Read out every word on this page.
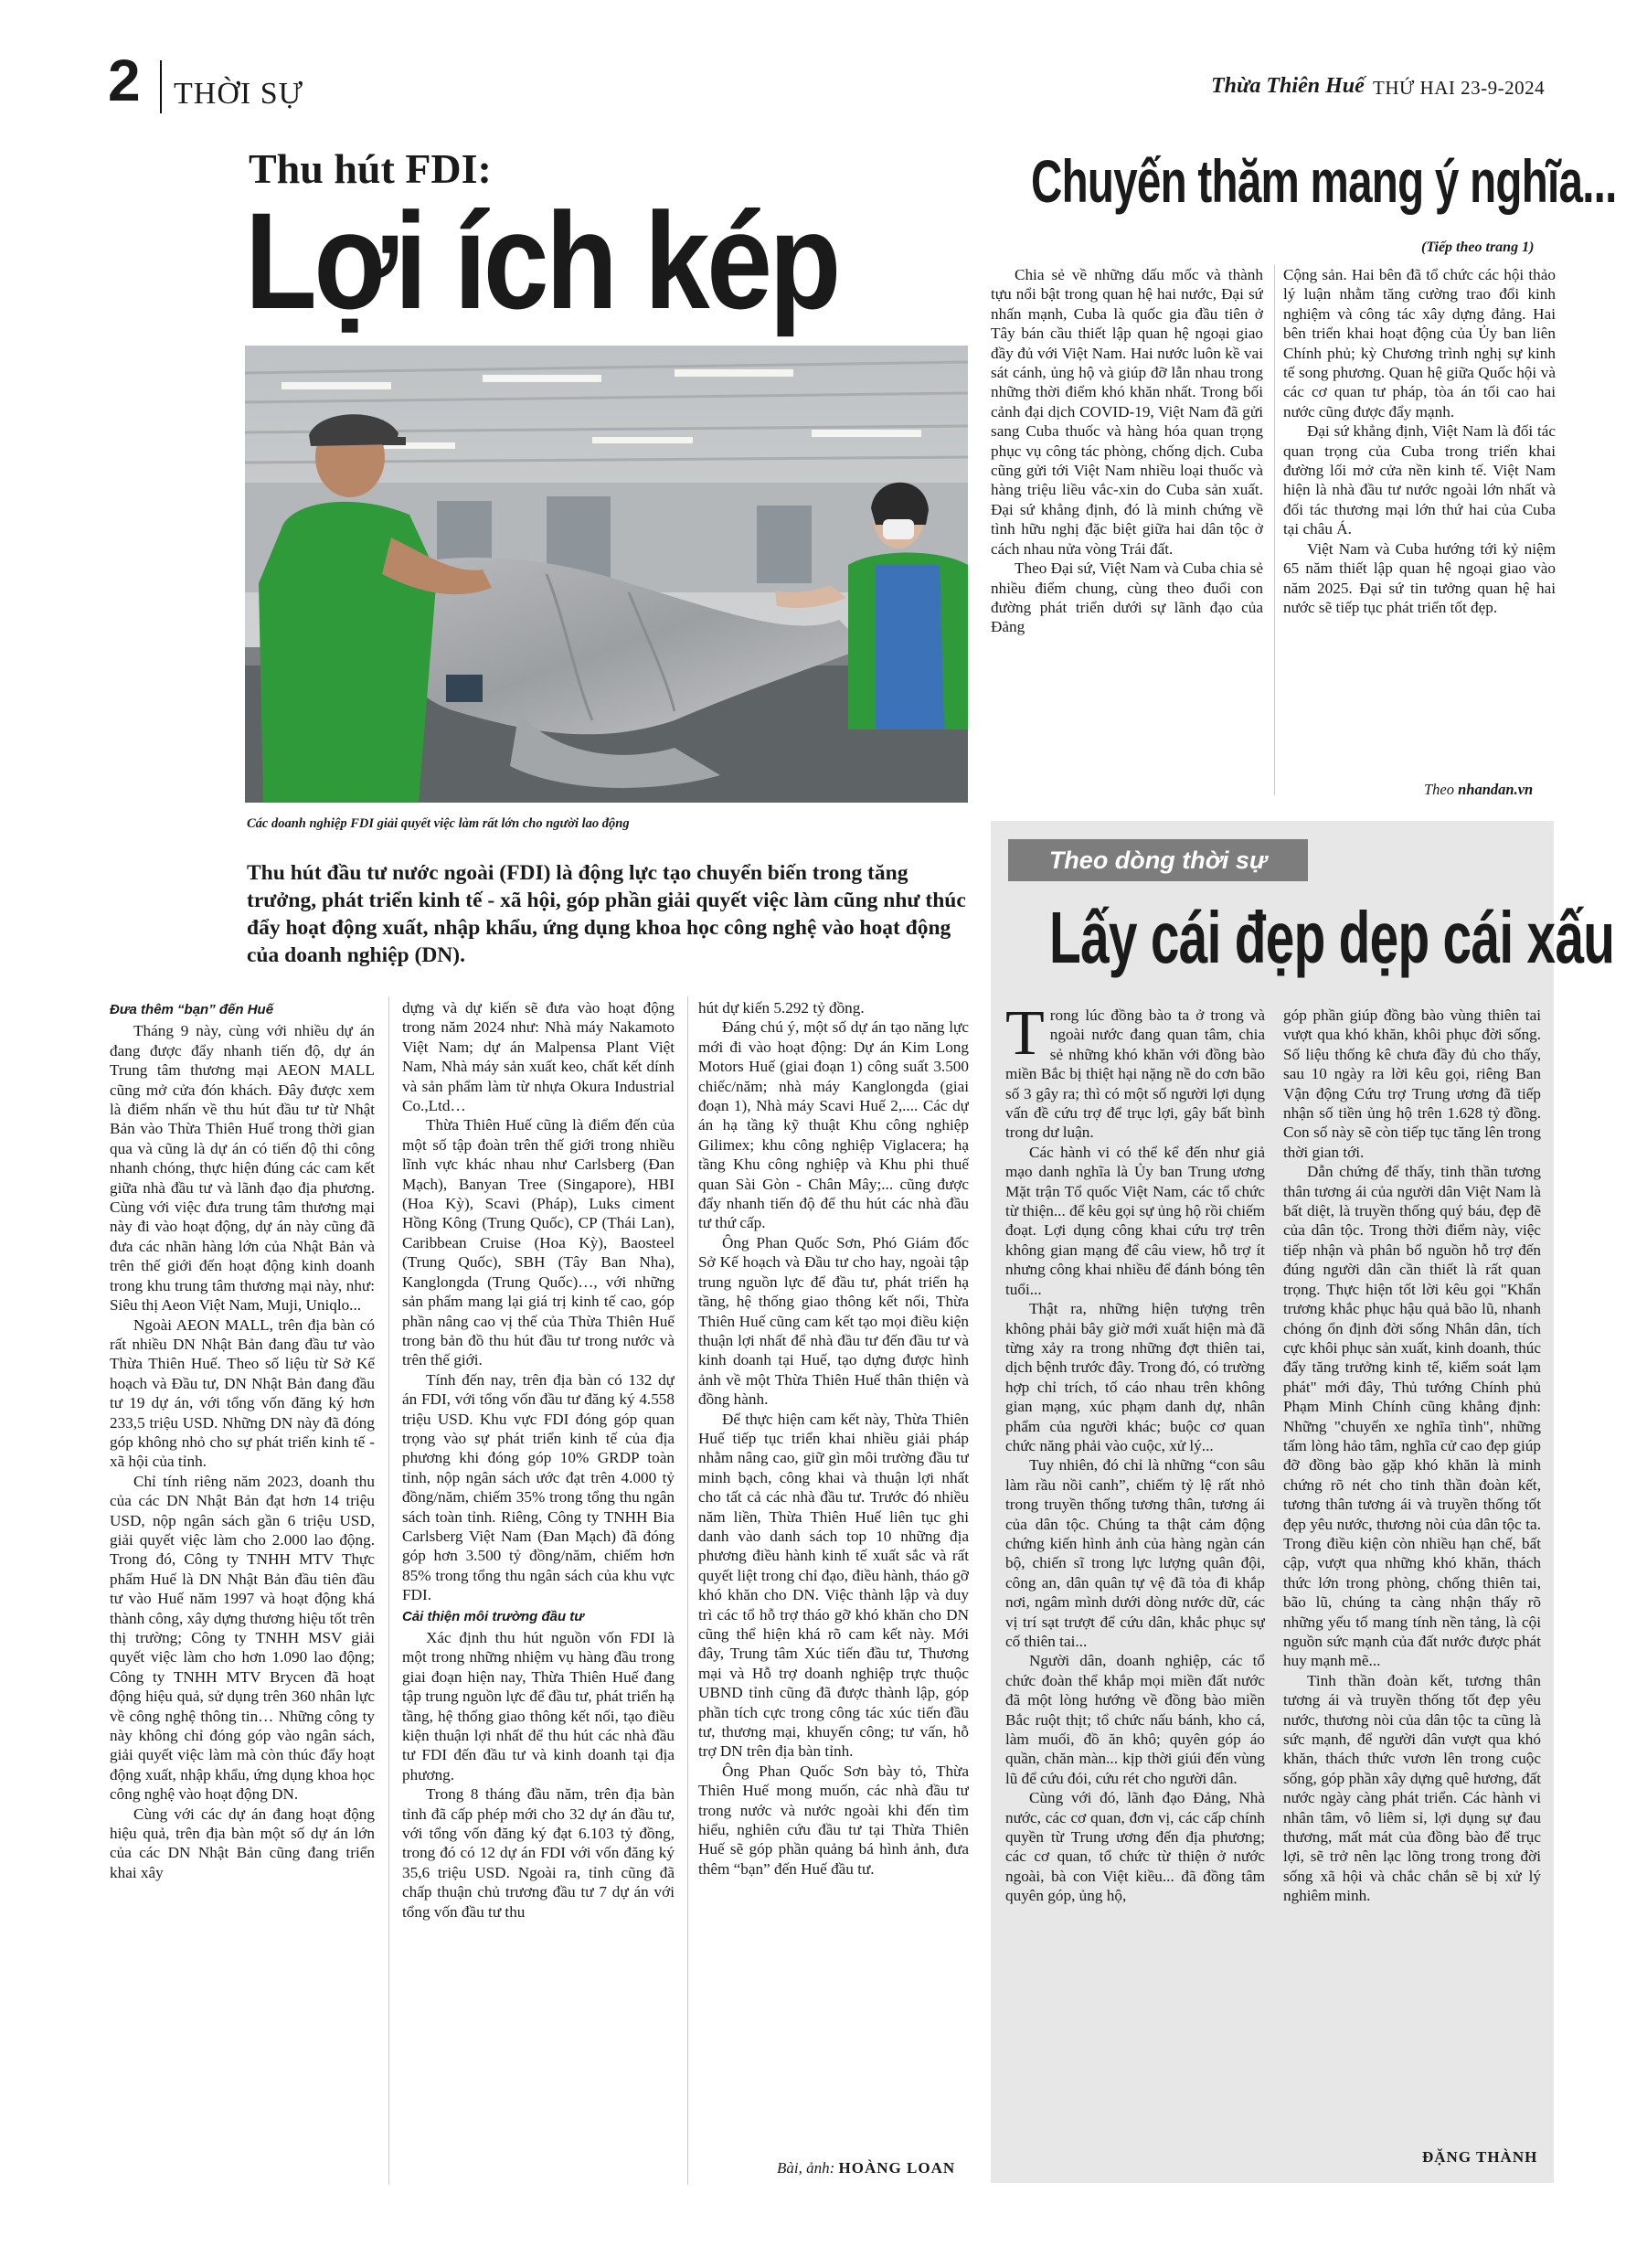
2 THỜI SỰ	Thừa Thiên Huế THỨ HAI 23-9-2024
Thu hút FDI:
Lợi ích kép
Các doanh nghiệp FDI giải quyết việc làm rất lớn cho người lao động
Thu hút đầu tư nước ngoài (FDI) là động lực tạo chuyển biến trong tăng trưởng, phát triển kinh tế - xã hội, góp phần giải quyết việc làm cũng như thúc đẩy hoạt động xuất, nhập khẩu, ứng dụng khoa học công nghệ vào hoạt động của doanh nghiệp (DN).
Đưa thêm “bạn” đến Huế

Tháng 9 này, cùng với nhiều dự án đang được đẩy nhanh tiến độ, dự án Trung tâm thương mại AEON MALL cũng mở cửa đón khách. Đây được xem là điểm nhấn về thu hút đầu tư từ Nhật Bản vào Thừa Thiên Huế trong thời gian qua và cũng là dự án có tiến độ thi công nhanh chóng, thực hiện đúng các cam kết giữa nhà đầu tư và lãnh đạo địa phương. Cùng với việc đưa trung tâm thương mại này đi vào hoạt động, dự án này cũng đã đưa các nhãn hàng lớn của Nhật Bản và trên thế giới đến hoạt động kinh doanh trong khu trung tâm thương mại này, như: Siêu thị Aeon Việt Nam, Muji, Uniqlo...

Ngoài AEON MALL, trên địa bàn có rất nhiều DN Nhật Bản đang đầu tư vào Thừa Thiên Huế. Theo số liệu từ Sở Kế hoạch và Đầu tư, DN Nhật Bản đang đầu tư 19 dự án, với tổng vốn đăng ký hơn 233,5 triệu USD. Những DN này đã đóng góp không nhỏ cho sự phát triển kinh tế - xã hội của tỉnh.

Chỉ tính riêng năm 2023, doanh thu của các DN Nhật Bản đạt hơn 14 triệu USD, nộp ngân sách gần 6 triệu USD, giải quyết việc làm cho 2.000 lao động. Trong đó, Công ty TNHH MTV Thực phẩm Huế là DN Nhật Bản đầu tiên đầu tư vào Huế năm 1997 và hoạt động khá thành công, xây dựng thương hiệu tốt trên thị trường; Công ty TNHH MSV giải quyết việc làm cho hơn 1.090 lao động; Công ty TNHH MTV Brycen đã hoạt động hiệu quả, sử dụng trên 360 nhân lực về công nghệ thông tin… Những công ty này không chỉ đóng góp vào ngân sách, giải quyết việc làm mà còn thúc đẩy hoạt động xuất, nhập khẩu, ứng dụng khoa học công nghệ vào hoạt động DN.

Cùng với các dự án đang hoạt động hiệu quả, trên địa bàn một số dự án lớn của các DN Nhật Bản cũng đang triển khai xây

dựng và dự kiến sẽ đưa vào hoạt động trong năm 2024 như: Nhà máy Nakamoto Việt Nam; dự án Malpensa Plant Việt Nam, Nhà máy sản xuất keo, chất kết dính và sản phẩm làm từ nhựa Okura Industrial Co.,Ltd…

Thừa Thiên Huế cũng là điểm đến của một số tập đoàn trên thế giới trong nhiều lĩnh vực khác nhau như Carlsberg (Đan Mạch), Banyan Tree (Singapore), HBI (Hoa Kỳ), Scavi (Pháp), Luks ciment Hồng Kông (Trung Quốc), CP (Thái Lan), Caribbean Cruise (Hoa Kỳ), Baosteel (Trung Quốc), SBH (Tây Ban Nha), Kanglongda (Trung Quốc)…, với những sản phẩm mang lại giá trị kinh tế cao, góp phần nâng cao vị thế của Thừa Thiên Huế trong bản đồ thu hút đầu tư trong nước và trên thế giới.

Tính đến nay, trên địa bàn có 132 dự án FDI, với tổng vốn đầu tư đăng ký 4.558 triệu USD. Khu vực FDI đóng góp quan trọng vào sự phát triển kinh tế của địa phương khi đóng góp 10% GRDP toàn tỉnh, nộp ngân sách ước đạt trên 4.000 tỷ đồng/năm, chiếm 35% trong tổng thu ngân sách toàn tỉnh. Riêng, Công ty TNHH Bia Carlsberg Việt Nam (Đan Mạch) đã đóng góp hơn 3.500 tỷ đồng/năm, chiếm hơn 85% trong tổng thu ngân sách của khu vực FDI.

Cải thiện môi trường đầu tư

Xác định thu hút nguồn vốn FDI là một trong những nhiệm vụ hàng đầu trong giai đoạn hiện nay, Thừa Thiên Huế đang tập trung nguồn lực để đầu tư, phát triển hạ tầng, hệ thống giao thông kết nối, tạo điều kiện thuận lợi nhất để thu hút các nhà đầu tư FDI đến đầu tư và kinh doanh tại địa phương.

Trong 8 tháng đầu năm, trên địa bàn tỉnh đã cấp phép mới cho 32 dự án đầu tư, với tổng vốn đăng ký đạt 6.103 tỷ đồng, trong đó có 12 dự án FDI với vốn đăng ký 35,6 triệu USD. Ngoài ra, tỉnh cũng đã chấp thuận chủ trương đầu tư 7 dự án với tổng vốn đầu tư thu

hút dự kiến 5.292 tỷ đồng.

Đáng chú ý, một số dự án tạo năng lực mới đi vào hoạt động: Dự án Kim Long Motors Huế (giai đoạn 1) công suất 3.500 chiếc/năm; nhà máy Kanglongda (giai đoạn 1), Nhà máy Scavi Huế 2,.... Các dự án hạ tầng kỹ thuật Khu công nghiệp Gilimex; khu công nghiệp Viglacera; hạ tầng Khu công nghiệp và Khu phi thuế quan Sài Gòn - Chân Mây;... cũng được đẩy nhanh tiến độ để thu hút các nhà đầu tư thứ cấp.

Ông Phan Quốc Sơn, Phó Giám đốc Sở Kế hoạch và Đầu tư cho hay, ngoài tập trung nguồn lực để đầu tư, phát triển hạ tầng, hệ thống giao thông kết nối, Thừa Thiên Huế cũng cam kết tạo mọi điều kiện thuận lợi nhất để nhà đầu tư đến đầu tư và kinh doanh tại Huế, tạo dựng được hình ảnh về một Thừa Thiên Huế thân thiện và đồng hành.

Để thực hiện cam kết này, Thừa Thiên Huế tiếp tục triển khai nhiều giải pháp nhằm nâng cao, giữ gìn môi trường đầu tư minh bạch, công khai và thuận lợi nhất cho tất cả các nhà đầu tư. Trước đó nhiều năm liền, Thừa Thiên Huế liên tục ghi danh vào danh sách top 10 những địa phương điều hành kinh tế xuất sắc và rất quyết liệt trong chỉ đạo, điều hành, tháo gỡ khó khăn cho DN. Việc thành lập và duy trì các tổ hỗ trợ tháo gỡ khó khăn cho DN cũng thể hiện khá rõ cam kết này. Mới đây, Trung tâm Xúc tiến đầu tư, Thương mại và Hỗ trợ doanh nghiệp trực thuộc UBND tỉnh cũng đã được thành lập, góp phần tích cực trong công tác xúc tiến đầu tư, thương mại, khuyến công; tư vấn, hỗ trợ DN trên địa bàn tỉnh.

Ông Phan Quốc Sơn bày tỏ, Thừa Thiên Huế mong muốn, các nhà đầu tư trong nước và nước ngoài khi đến tìm hiểu, nghiên cứu đầu tư tại Thừa Thiên Huế sẽ góp phần quảng bá hình ảnh, đưa thêm “bạn” đến Huế đầu tư.

Bài, ảnh: HOÀNG LOAN
Chuyến thăm mang ý nghĩa...
(Tiếp theo trang 1)

Chia sẻ về những dấu mốc và thành tựu nổi bật trong quan hệ hai nước, Đại sứ nhấn mạnh, Cuba là quốc gia đầu tiên ở Tây bán cầu thiết lập quan hệ ngoại giao đầy đủ với Việt Nam. Hai nước luôn kề vai sát cánh, ủng hộ và giúp đỡ lẫn nhau trong những thời điểm khó khăn nhất. Trong bối cảnh đại dịch COVID-19, Việt Nam đã gửi sang Cuba thuốc và hàng hóa quan trọng phục vụ công tác phòng, chống dịch. Cuba cũng gửi tới Việt Nam nhiều loại thuốc và hàng triệu liều vắc-xin do Cuba sản xuất. Đại sứ khẳng định, đó là minh chứng về tình hữu nghị đặc biệt giữa hai dân tộc ở cách nhau nửa vòng Trái đất.

Theo Đại sứ, Việt Nam và Cuba chia sẻ nhiều điểm chung, cùng theo đuổi con đường phát triển dưới sự lãnh đạo của Đảng

Cộng sản. Hai bên đã tổ chức các hội thảo lý luận nhằm tăng cường trao đổi kinh nghiệm và công tác xây dựng đảng. Hai bên triển khai hoạt động của Ủy ban liên Chính phủ; kỳ Chương trình nghị sự kinh tế song phương. Quan hệ giữa Quốc hội và các cơ quan tư pháp, tòa án tối cao hai nước cũng được đẩy mạnh.

Đại sứ khẳng định, Việt Nam là đối tác quan trọng của Cuba trong triển khai đường lối mở cửa nền kinh tế. Việt Nam hiện là nhà đầu tư nước ngoài lớn nhất và đối tác thương mại lớn thứ hai của Cuba tại châu Á.

Việt Nam và Cuba hướng tới kỷ niệm 65 năm thiết lập quan hệ ngoại giao vào năm 2025. Đại sứ tin tưởng quan hệ hai nước sẽ tiếp tục phát triển tốt đẹp.

Theo nhandan.vn
Theo dòng thời sự
Lấy cái đẹp dẹp cái xấu

Trong lúc đồng bào ta ở trong và ngoài nước đang quan tâm, chia sẻ những khó khăn với đồng bào miền Bắc bị thiệt hại nặng nề do cơn bão số 3 gây ra; thì có một số người lợi dụng vấn đề cứu trợ để trục lợi, gây bất bình trong dư luận.

Các hành vi có thể kể đến như giả mạo danh nghĩa là Ủy ban Trung ương Mặt trận Tổ quốc Việt Nam, các tổ chức từ thiện... để kêu gọi sự ủng hộ rồi chiếm đoạt. Lợi dụng công khai cứu trợ trên không gian mạng để câu view, hỗ trợ ít nhưng công khai nhiều để đánh bóng tên tuổi...

Thật ra, những hiện tượng trên không phải bây giờ mới xuất hiện mà đã từng xảy ra trong những đợt thiên tai, dịch bệnh trước đây. Trong đó, có trường hợp chỉ trích, tố cáo nhau trên không gian mạng, xúc phạm danh dự, nhân phẩm của người khác; buộc cơ quan chức năng phải vào cuộc, xử lý...

Tuy nhiên, đó chỉ là những “con sâu làm rầu nồi canh”, chiếm tỷ lệ rất nhỏ trong truyền thống tương thân, tương ái của dân tộc. Chúng ta thật cảm động chứng kiến hình ảnh của hàng ngàn cán bộ, chiến sĩ trong lực lượng quân đội, công an, dân quân tự vệ đã tỏa đi khắp nơi, ngâm mình dưới dòng nước dữ, các vị trí sạt trượt để cứu dân, khắc phục sự cố thiên tai...

Người dân, doanh nghiệp, các tổ chức đoàn thể khắp mọi miền đất nước đã một lòng hướng về đồng bào miền Bắc ruột thịt; tổ chức nấu bánh, kho cá, làm muối, đồ ăn khô; quyên góp áo quần, chăn màn... kịp thời giúi đến vùng lũ để cứu đói, cứu rét cho người dân.

Cùng với đó, lãnh đạo Đảng, Nhà nước, các cơ quan, đơn vị, các cấp chính quyền từ Trung ương đến địa phương; các cơ quan, tổ chức từ thiện ở nước ngoài, bà con Việt kiều... đã đồng tâm quyên góp, ủng hộ,

góp phần giúp đồng bào vùng thiên tai vượt qua khó khăn, khôi phục đời sống. Số liệu thống kê chưa đầy đủ cho thấy, sau 10 ngày ra lời kêu gọi, riêng Ban Vận động Cứu trợ Trung ương đã tiếp nhận số tiền ủng hộ trên 1.628 tỷ đồng. Con số này sẽ còn tiếp tục tăng lên trong thời gian tới.

Dẫn chứng để thấy, tinh thần tương thân tương ái của người dân Việt Nam là bất diệt, là truyền thống quý báu, đẹp đẽ của dân tộc. Trong thời điểm này, việc tiếp nhận và phân bổ nguồn hỗ trợ đến đúng người dân cần thiết là rất quan trọng. Thực hiện tốt lời kêu gọi "Khẩn trương khắc phục hậu quả bão lũ, nhanh chóng ổn định đời sống Nhân dân, tích cực khôi phục sản xuất, kinh doanh, thúc đẩy tăng trưởng kinh tế, kiểm soát lạm phát" mới đây, Thủ tướng Chính phủ Phạm Minh Chính cũng khẳng định: Những "chuyến xe nghĩa tình", những tấm lòng hảo tâm, nghĩa cử cao đẹp giúp đỡ đồng bào gặp khó khăn là minh chứng rõ nét cho tinh thần đoàn kết, tương thân tương ái và truyền thống tốt đẹp yêu nước, thương nòi của dân tộc ta. Trong điều kiện còn nhiều hạn chế, bất cập, vượt qua những khó khăn, thách thức lớn trong phòng, chống thiên tai, bão lũ, chúng ta càng nhận thấy rõ những yếu tố mang tính nền tảng, là cội nguồn sức mạnh của đất nước được phát huy mạnh mẽ...

Tinh thần đoàn kết, tương thân tương ái và truyền thống tốt đẹp yêu nước, thương nòi của dân tộc ta cũng là sức mạnh, để người dân vượt qua khó khăn, thách thức vươn lên trong cuộc sống, góp phần xây dựng quê hương, đất nước ngày càng phát triển. Các hành vi nhân tâm, vô liêm sỉ, lợi dụng sự đau thương, mất mát của đồng bào để trục lợi, sẽ trở nên lạc lõng trong trong đời sống xã hội và chắc chắn sẽ bị xử lý nghiêm minh.

ĐẶNG THÀNH
